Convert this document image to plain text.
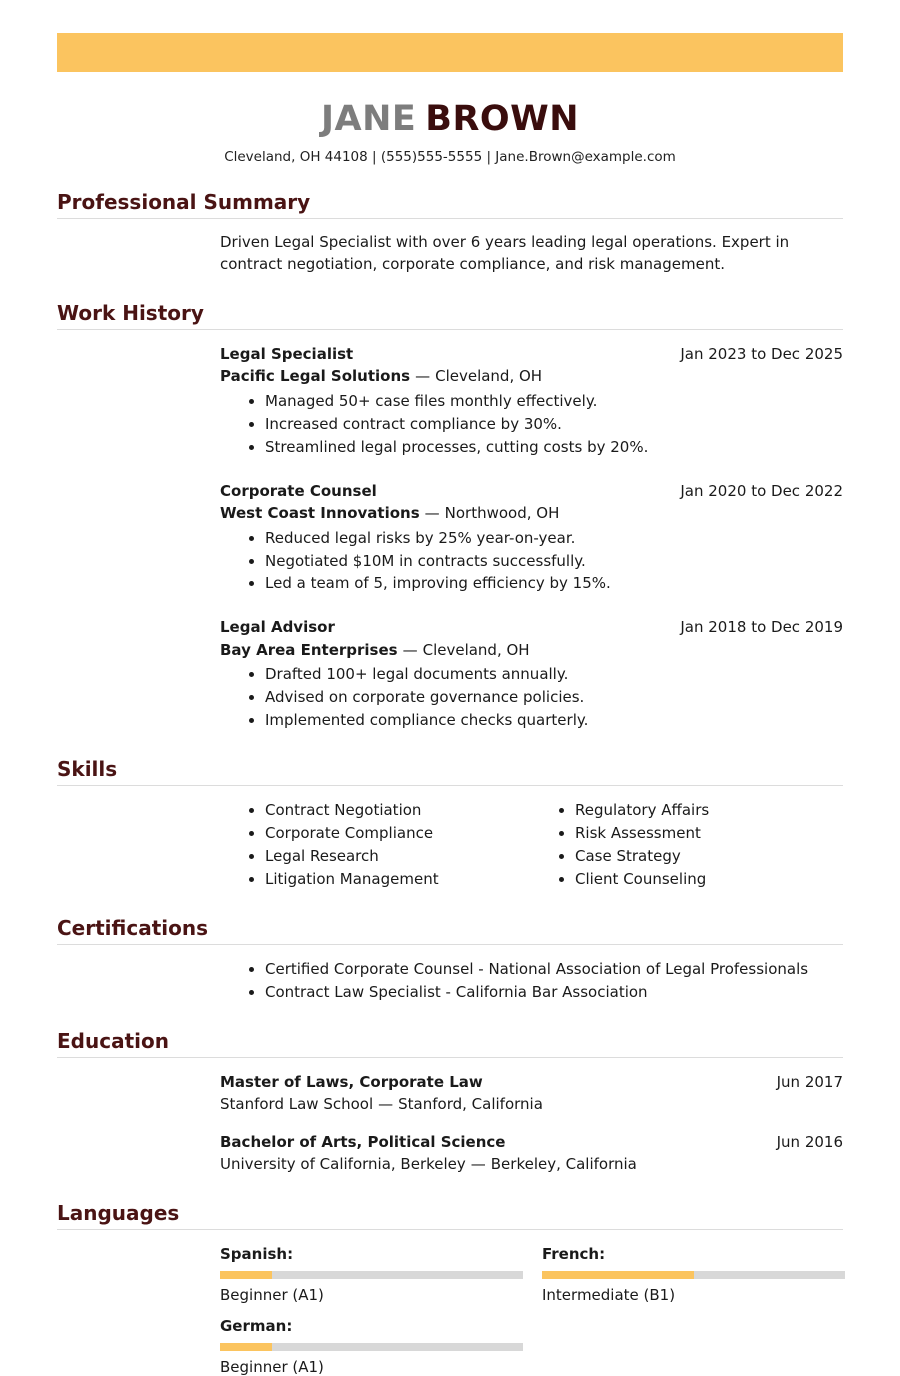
JANE BROWN
Cleveland, OH 44108 | (555)555-5555 | Jane.Brown@example.com
Professional Summary

Driven Legal Specialist with over 6 years leading legal operations. Expert in contract negotiation, corporate compliance, and risk management.

Work History
Legal Specialist	Jan 2023 to Dec 2025
Pacific Legal Solutions — Cleveland, OH
• Managed 50+ case files monthly effectively.
• Increased contract compliance by 30%.
• Streamlined legal processes, cutting costs by 20%.
Corporate Counsel	Jan 2020 to Dec 2022
West Coast Innovations — Northwood, OH
• Reduced legal risks by 25% year-on-year.
• Negotiated $10M in contracts successfully.
• Led a team of 5, improving efficiency by 15%.
Legal Advisor	Jan 2018 to Dec 2019
Bay Area Enterprises — Cleveland, OH
• Drafted 100+ legal documents annually.
• Advised on corporate governance policies.
• Implemented compliance checks quarterly.
Skills
• Contract Negotiation
• Corporate Compliance
• Legal Research
• Litigation Management
• Regulatory Affairs
• Risk Assessment
• Case Strategy
• Client Counseling
Certifications
• Certified Corporate Counsel - National Association of Legal Professionals
• Contract Law Specialist - California Bar Association
Education
Master of Laws, Corporate Law	Jun 2017
Stanford Law School — Stanford, California
Bachelor of Arts, Political Science	Jun 2016
University of California, Berkeley — Berkeley, California
Languages
Spanish:
Beginner (A1)
French:
Intermediate (B1)
German:
Beginner (A1)
